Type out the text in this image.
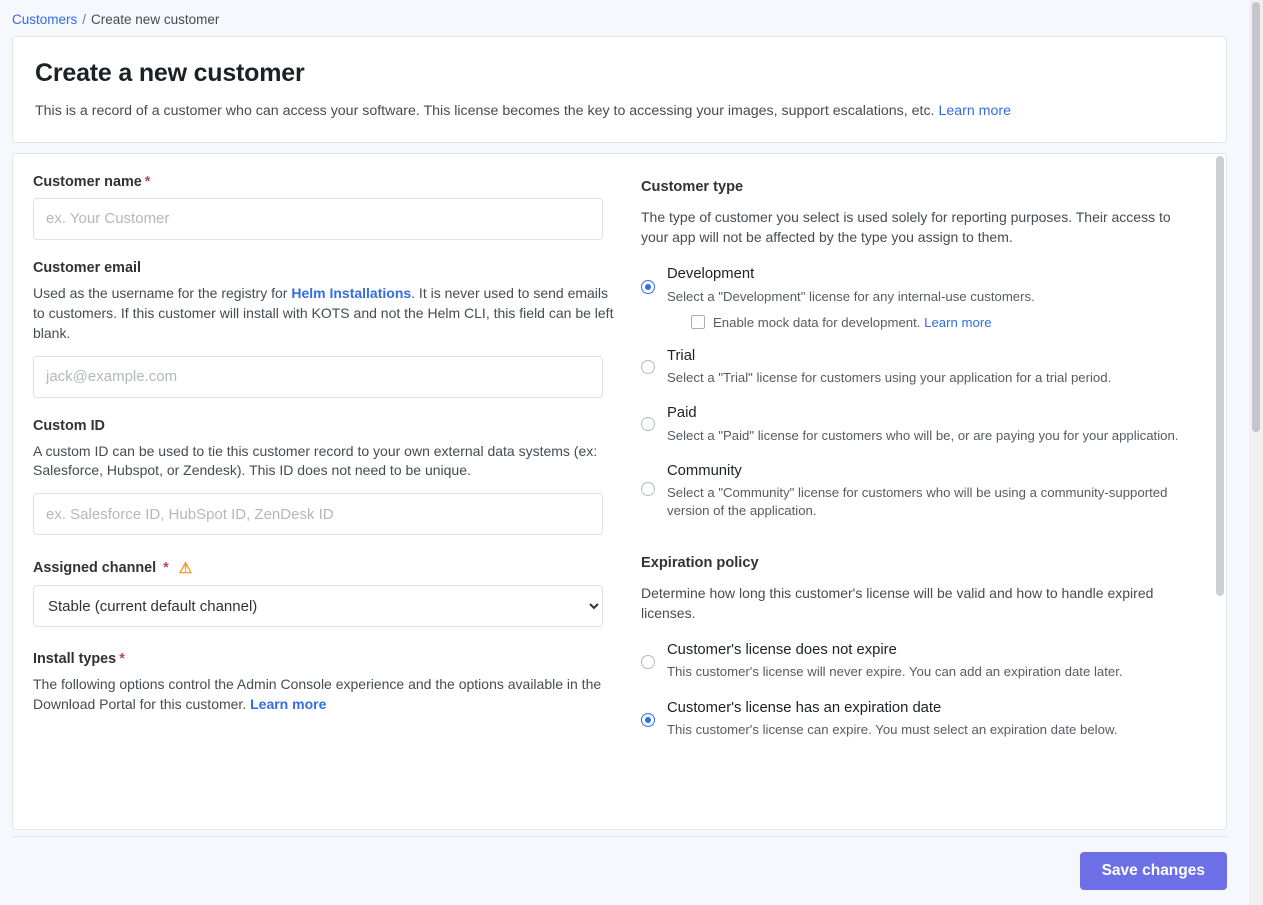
Customers / Create new customer
Create a new customer

This is a record of a customer who can access your software. This license becomes the key to accessing your images, support escalations, etc. Learn more

Customer name *
ex. Your Customer
Customer email

Used as the username for the registry for Helm Installations. It is never used to send emails to customers. If this customer will install with KOTS and not the Helm CLI, this field can be left blank.

jack@example.com
Custom ID

A custom ID can be used to tie this customer record to your own external data systems (ex: Salesforce, Hubspot, or Zendesk). This ID does not need to be unique.

ex. Salesforce ID, HubSpot ID, ZenDesk ID
Assigned channel * ⚠
Stable (current default channel)
Install types *

The following options control the Admin Console experience and the options available in the Download Portal for this customer. Learn more

Customer type

The type of customer you select is used solely for reporting purposes. Their access to your app will not be affected by the type you assign to them.

Development
Select a "Development" license for any internal-use customers.
Enable mock data for development. Learn more
Trial
Select a "Trial" license for customers using your application for a trial period.
Paid
Select a "Paid" license for customers who will be, or are paying you for your application.
Community
Select a "Community" license for customers who will be using a community-supported version of the application.
Expiration policy

Determine how long this customer's license will be valid and how to handle expired licenses.

Customer's license does not expire
This customer's license will never expire. You can add an expiration date later.
Customer's license has an expiration date
This customer's license can expire. You must select an expiration date below.
Save changes
